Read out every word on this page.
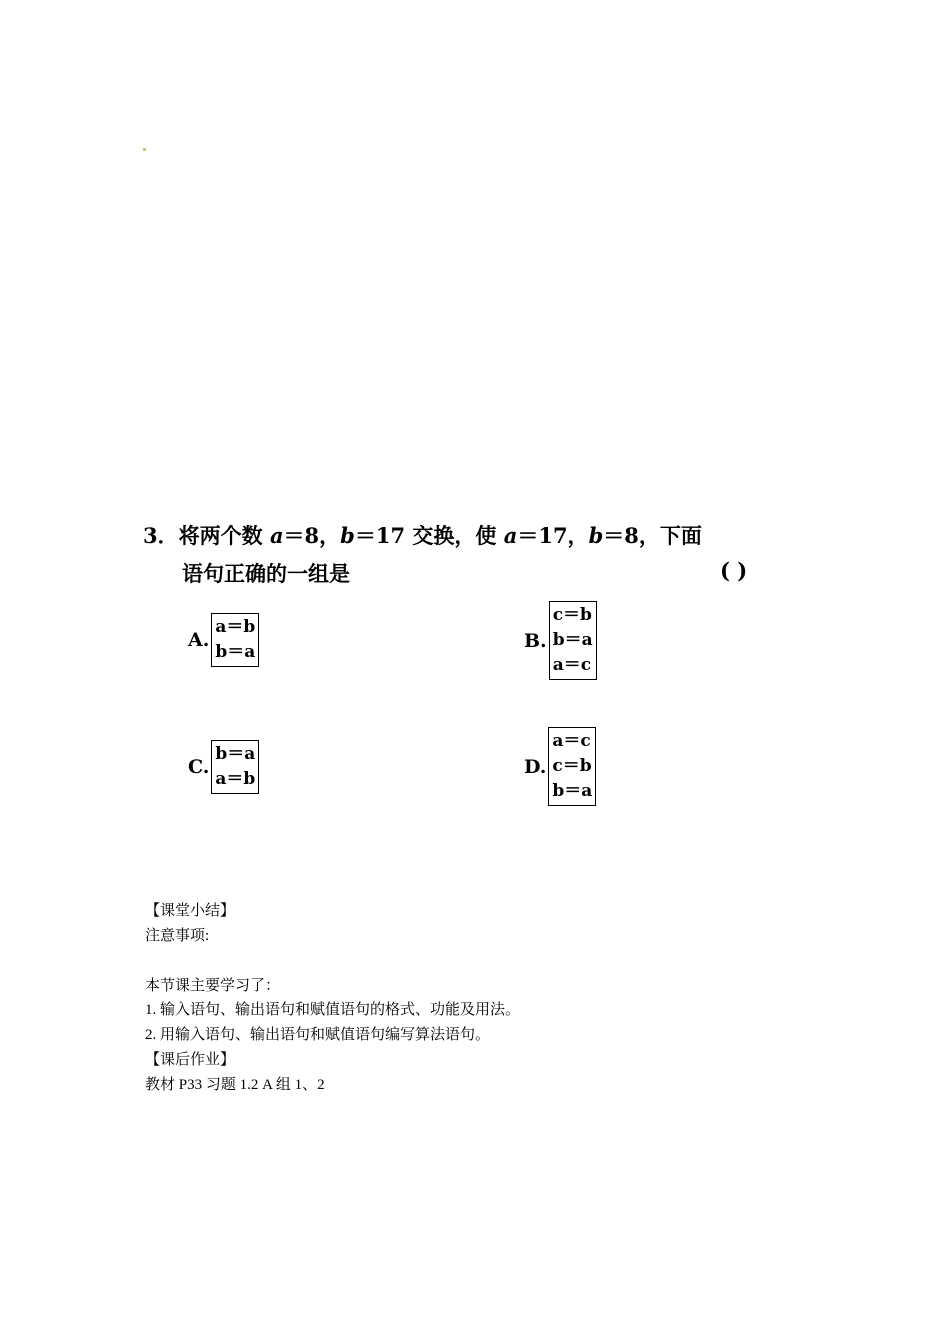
3．将两个数 a＝8，b＝17 交换，使 a＝17，b＝8，下面
语句正确的一组是	( )
A.
a＝b
b＝a
B.
c＝b
b＝a
a＝c
C.
b＝a
a＝b
D.
a＝c
c＝b
b＝a
【课堂小结】
注意事项:
本节课主要学习了：
1. 输入语句、输出语句和赋值语句的格式、功能及用法。
2. 用输入语句、输出语句和赋值语句编写算法语句。
【课后作业】
教材 P33 习题 1.2 A 组 1、2
